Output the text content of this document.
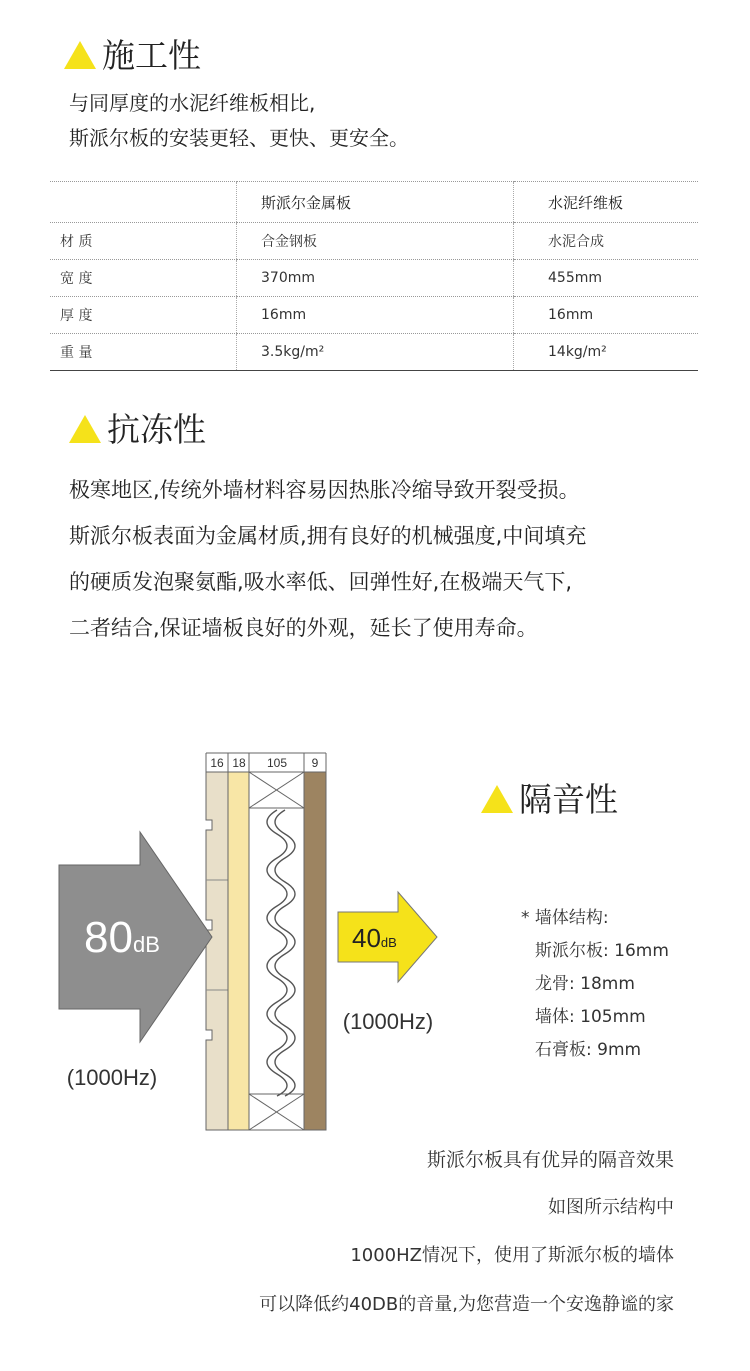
施工性
与同厚度的水泥纤维板相比,
斯派尔板的安装更轻、更快、更安全。
	斯派尔金属板	水泥纤维板
材 质	合金钢板	水泥合成
宽 度	370mm	455mm
厚 度	16mm	16mm
重 量	3.5kg/m²	14kg/m²
抗冻性
极寒地区,传统外墙材料容易因热胀冷缩导致开裂受损。
斯派尔板表面为金属材质,拥有良好的机械强度,中间填充
的硬质发泡聚氨酯,吸水率低、回弹性好,在极端天气下,
二者结合,保证墙板良好的外观，延长了使用寿命。
16 18 105 9
80dB
(1000Hz)
40dB
(1000Hz)
隔音性
* 墙体结构:
斯派尔板: 16mm
龙骨: 18mm
墙体: 105mm
石膏板: 9mm
斯派尔板具有优异的隔音效果
如图所示结构中
1000HZ情况下，使用了斯派尔板的墙体
可以降低约40DB的音量,为您营造一个安逸静谧的家
